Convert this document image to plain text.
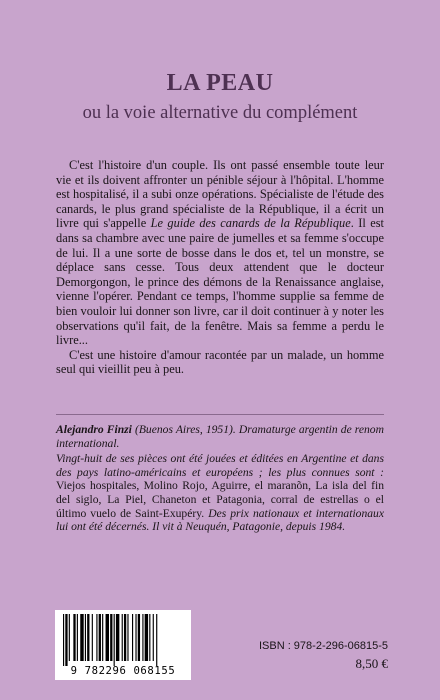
LA PEAU
ou la voie alternative du complément

C'est l'histoire d'un couple. Ils ont passé ensemble toute leur vie et ils doivent affronter un pénible séjour à l'hôpital. L'homme est hospitalisé, il a subi onze opérations. Spécialiste de l'étude des canards, le plus grand spécialiste de la République, il a écrit un livre qui s'appelle Le guide des canards de la République. Il est dans sa chambre avec une paire de jumelles et sa femme s'occupe de lui. Il a une sorte de bosse dans le dos et, tel un monstre, se déplace sans cesse. Tous deux attendent que le docteur Demorgongon, le prince des démons de la Renaissance anglaise, vienne l'opérer. Pendant ce temps, l'homme supplie sa femme de bien vouloir lui donner son livre, car il doit continuer à y noter les observations qu'il fait, de la fenêtre. Mais sa femme a perdu le livre...

C'est une histoire d'amour racontée par un malade, un homme seul qui vieillit peu à peu.

Alejandro Finzi (Buenos Aires, 1951). Dramaturge argentin de renom international.

Vingt-huit de ses pièces ont été jouées et éditées en Argentine et dans des pays latino-américains et européens ; les plus connues sont : Viejos hospitales, Molino Rojo, Aguirre, el maranõn, La isla del fin del siglo, La Piel, Chaneton et Patagonia, corral de estrellas o el último vuelo de Saint-Exupéry. Des prix nationaux et internationaux lui ont été décernés. Il vit à Neuquén, Patagonie, depuis 1984.

9 782296 068155
ISBN : 978-2-296-06815-5
8,50 €
